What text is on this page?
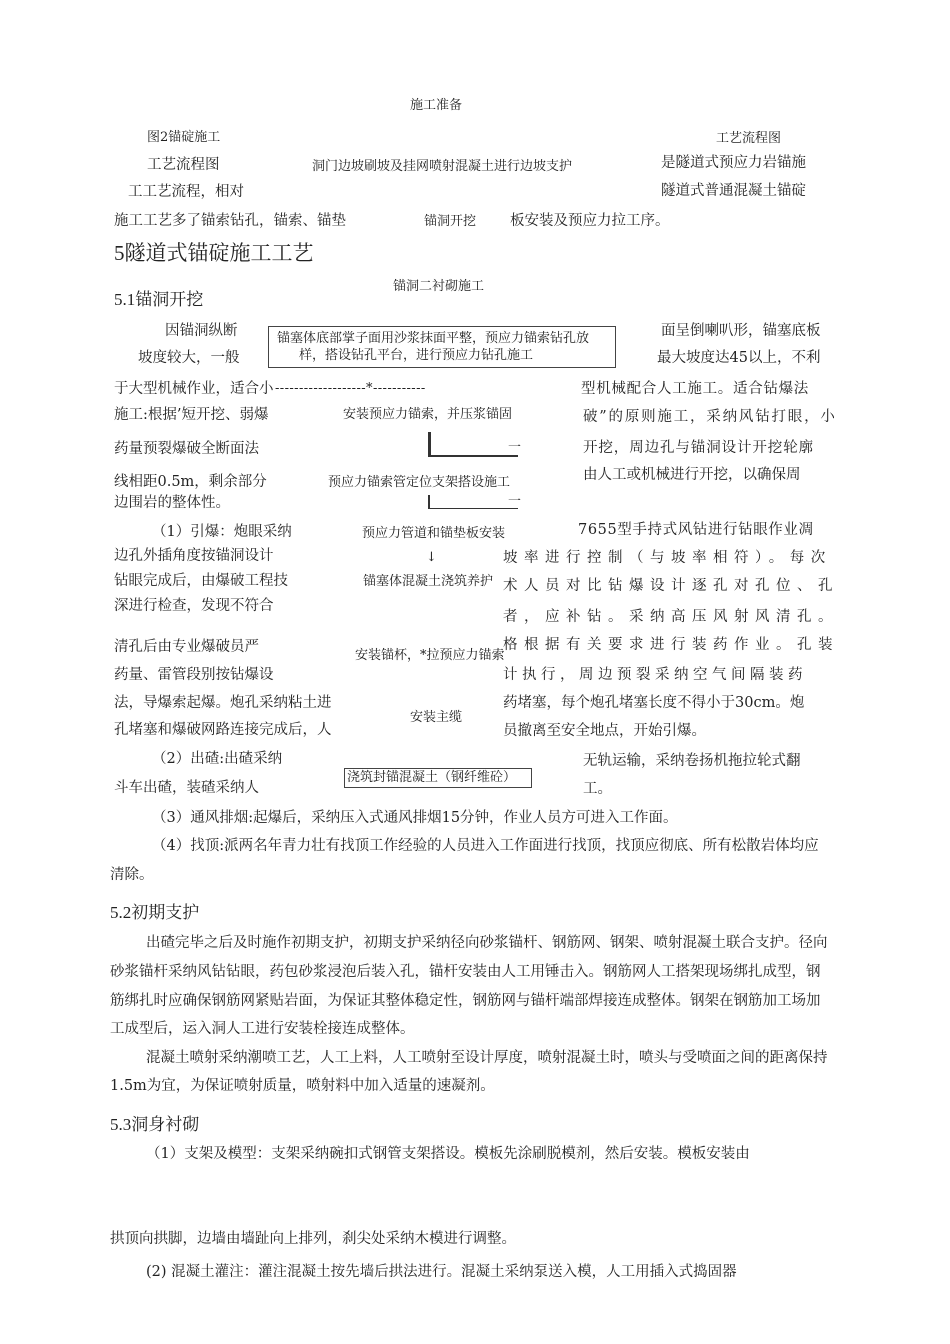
施工准备
洞门边坡刷坡及挂网喷射混凝土进行边坡支护
锚洞开挖
锚洞二衬砌施工
锚塞体底部掌子面用沙浆抹面平整，预应力锚索钻孔放
样，搭设钻孔平台，进行预应力钻孔施工
-------------------*-----------
安装预应力锚索，并压浆锚固
一
预应力锚索管定位支架搭设施工
一
预应力管道和锚垫板安装
↓
锚塞体混凝土浇筑养护
安装锚杯，*拉预应力锚索
安装主缆
浇筑封锚混凝土（钢纤维砼）
图2锚碇施工
工艺流程图
工工艺流程，相对
工艺流程图
是隧道式预应力岩锚施
隧道式普通混凝土锚碇
施工工艺多了锚索钻孔，锚索、锚垫	板安装及预应力拉工序。
5隧道式锚碇施工工艺
5.1锚洞开挖
因锚洞纵断
坡度较大，一般
于大型机械作业，适合小
施工:根据’短开挖、弱爆
药量预裂爆破全断面法
线相距0.5m，剩余部分
边围岩的整体性。
面呈倒喇叭形，锚塞底板
最大坡度达45以上，不利
型机械配合人工施工。适合钻爆法
破”的原则施工，采纳风钻打眼，小
开挖，周边孔与锚洞设计开挖轮廓
由人工或机械进行开挖，以确保周
（1）引爆：炮眼采纳
边孔外插角度按锚洞设计
钻眼完成后，由爆破工程技
深进行检查，发现不符合
清孔后由专业爆破员严
药量、雷管段别按钻爆设
法，导爆索起爆。炮孔采纳粘土进
孔堵塞和爆破网路连接完成后，人
7655型手持式风钻进行钻眼作业凋
坡率进行控制（与坡率相符）。每次
术人员对比钻爆设计逐孔对孔位、孔
者，应补钻。采纳高压风射风清孔。
格根据有关要求进行装药作业。孔装
计执行，周边预裂采纳空气间隔装药
药堵塞，每个炮孔堵塞长度不得小于30cm。炮
员撤离至安全地点，开始引爆。
（2）出碴:出碴采纳
斗车出碴，装碴采纳人
无轨运输，采纳卷扬机拖拉轮式翻
工。
（3）通风排烟:起爆后，采纳压入式通风排烟15分钟，作业人员方可进入工作面。
（4）找顶:派两名年青力壮有找顶工作经验的人员进入工作面进行找顶，找顶应彻底、所有松散岩体均应
清除。
5.2初期支护
出碴完毕之后及时施作初期支护，初期支护采纳径向砂浆锚杆、钢筋网、钢架、喷射混凝土联合支护。径向
砂浆锚杆采纳风钻钻眼，药包砂浆浸泡后装入孔，锚杆安装由人工用锤击入。钢筋网人工搭架现场绑扎成型，钢
筋绑扎时应确保钢筋网紧贴岩面，为保证其整体稳定性，钢筋网与锚杆端部焊接连成整体。钢架在钢筋加工场加
工成型后，运入洞人工进行安装栓接连成整体。
混凝土喷射采纳潮喷工艺，人工上料，人工喷射至设计厚度，喷射混凝土时，喷头与受喷面之间的距离保持
1.5m为宜，为保证喷射质量，喷射料中加入适量的速凝剂。
5.3洞身衬砌
（1）支架及模型：支架采纳碗扣式钢管支架搭设。模板先涂刷脱模剂，然后安装。模板安装由
拱顶向拱脚，边墙由墙趾向上排列，刹尖处采纳木模进行调整。
(2) 混凝土灌注：灌注混凝土按先墙后拱法进行。混凝土采纳泵送入模，人工用插入式捣固器
